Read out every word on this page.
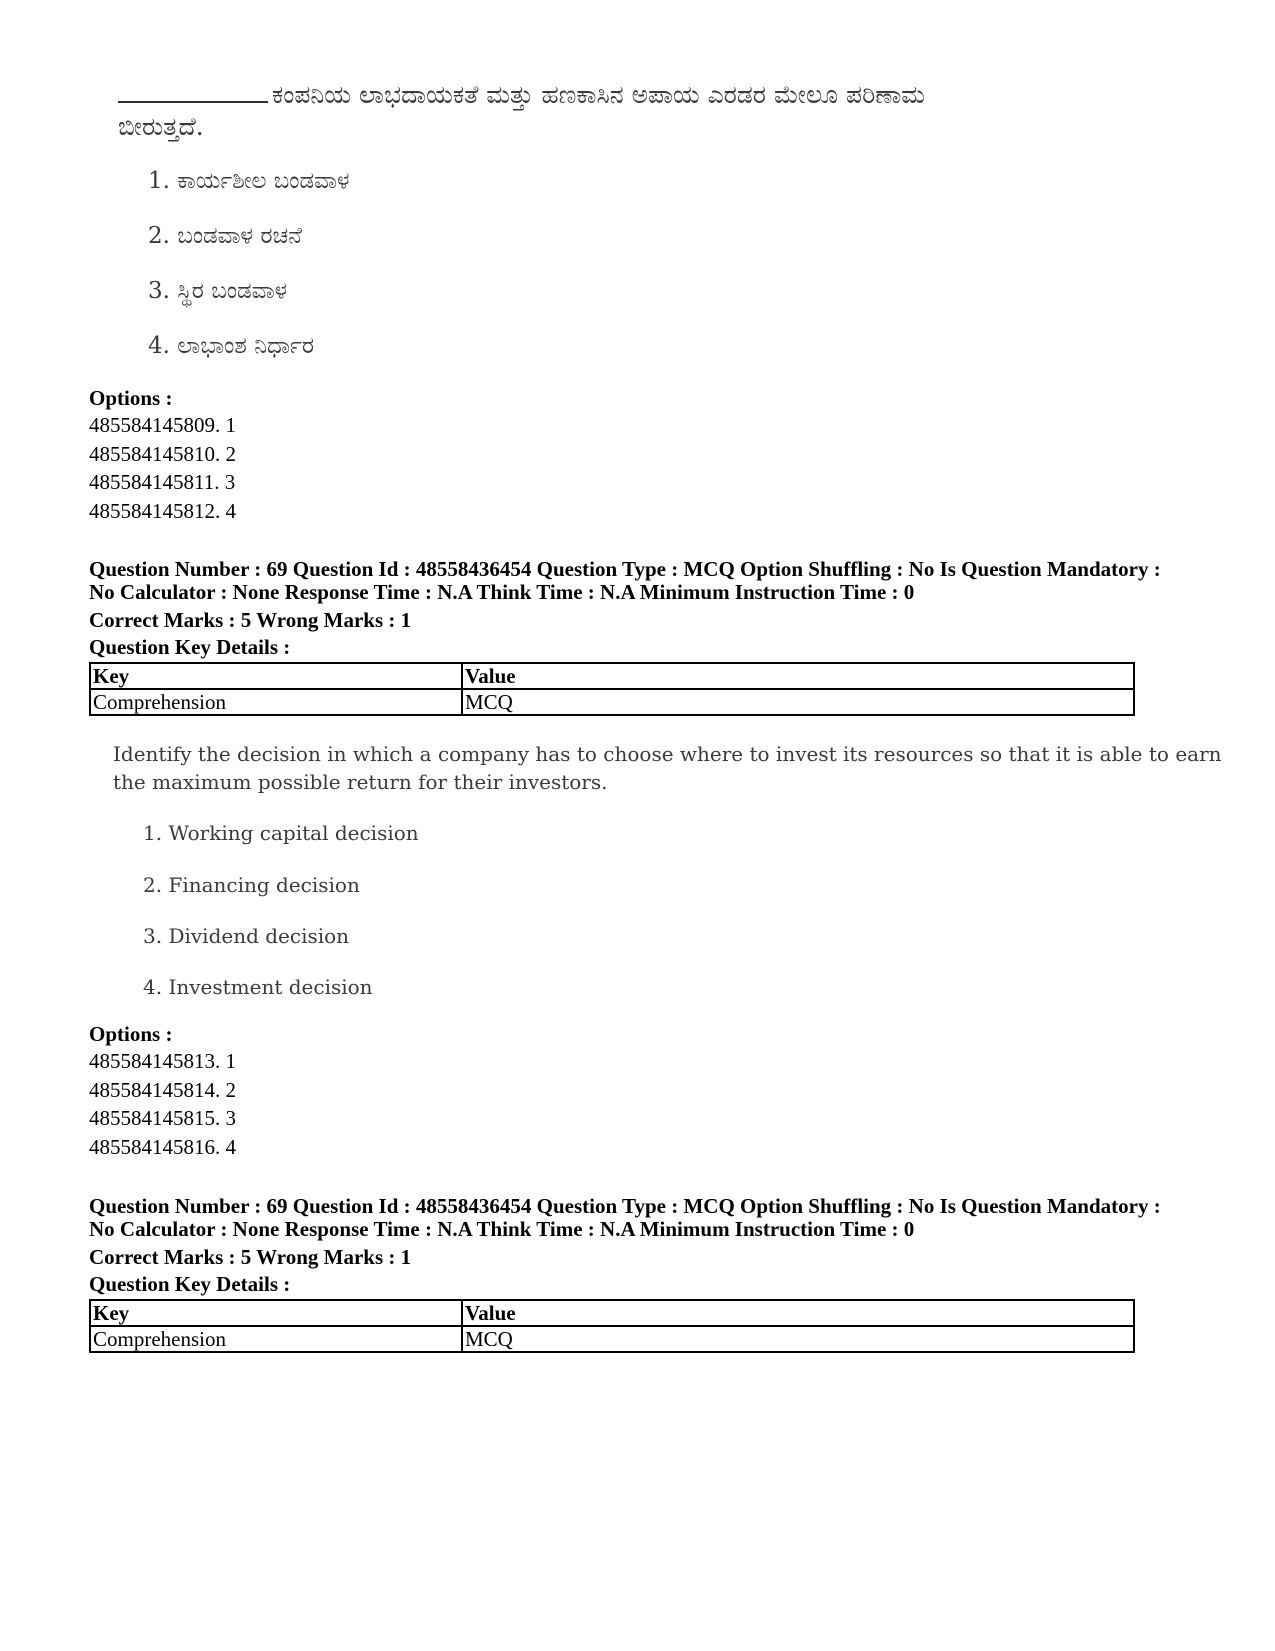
ಕಂಪನಿಯ ಲಾಭದಾಯಕತೆ ಮತ್ತು ಹಣಕಾಸಿನ ಅಪಾಯ ಎರಡರ ಮೇಲೂ ಪರಿಣಾಮ

ಬೀರುತ್ತದೆ.

1. ಕಾರ್ಯಶೀಲ ಬಂಡವಾಳ

2. ಬಂಡವಾಳ ರಚನೆ

3. ಸ್ಥಿರ ಬಂಡವಾಳ

4. ಲಾಭಾಂಶ ನಿರ್ಧಾರ

Options :

485584145809. 1
485584145810. 2
485584145811. 3
485584145812. 4

Question Number : 69 Question Id : 48558436454 Question Type : MCQ Option Shuffling : No Is Question Mandatory :

No Calculator : None Response Time : N.A Think Time : N.A Minimum Instruction Time : 0

Correct Marks : 5 Wrong Marks : 1

Question Key Details :

Key	Value
Comprehension	MCQ

Identify the decision in which a company has to choose where to invest its resources so that it is able to earn

the maximum possible return for their investors.

1. Working capital decision

2. Financing decision

3. Dividend decision

4. Investment decision

Options :

485584145813. 1
485584145814. 2
485584145815. 3
485584145816. 4

Question Number : 69 Question Id : 48558436454 Question Type : MCQ Option Shuffling : No Is Question Mandatory :

No Calculator : None Response Time : N.A Think Time : N.A Minimum Instruction Time : 0

Correct Marks : 5 Wrong Marks : 1

Question Key Details :

Key	Value
Comprehension	MCQ
